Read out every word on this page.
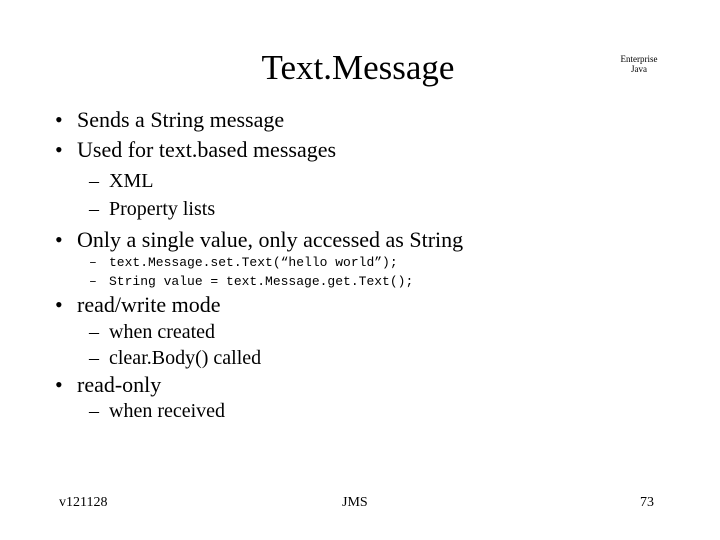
Text.Message	Enterprise
Java
• Sends a String message
• Used for text.based messages
– XML
– Property lists
• Only a single value, only accessed as String
– text.Message.set.Text(“hello world”);
– String value = text.Message.get.Text();
• read/write mode
– when created
– clear.Body() called
• read-only
– when received
v121128	JMS	73
